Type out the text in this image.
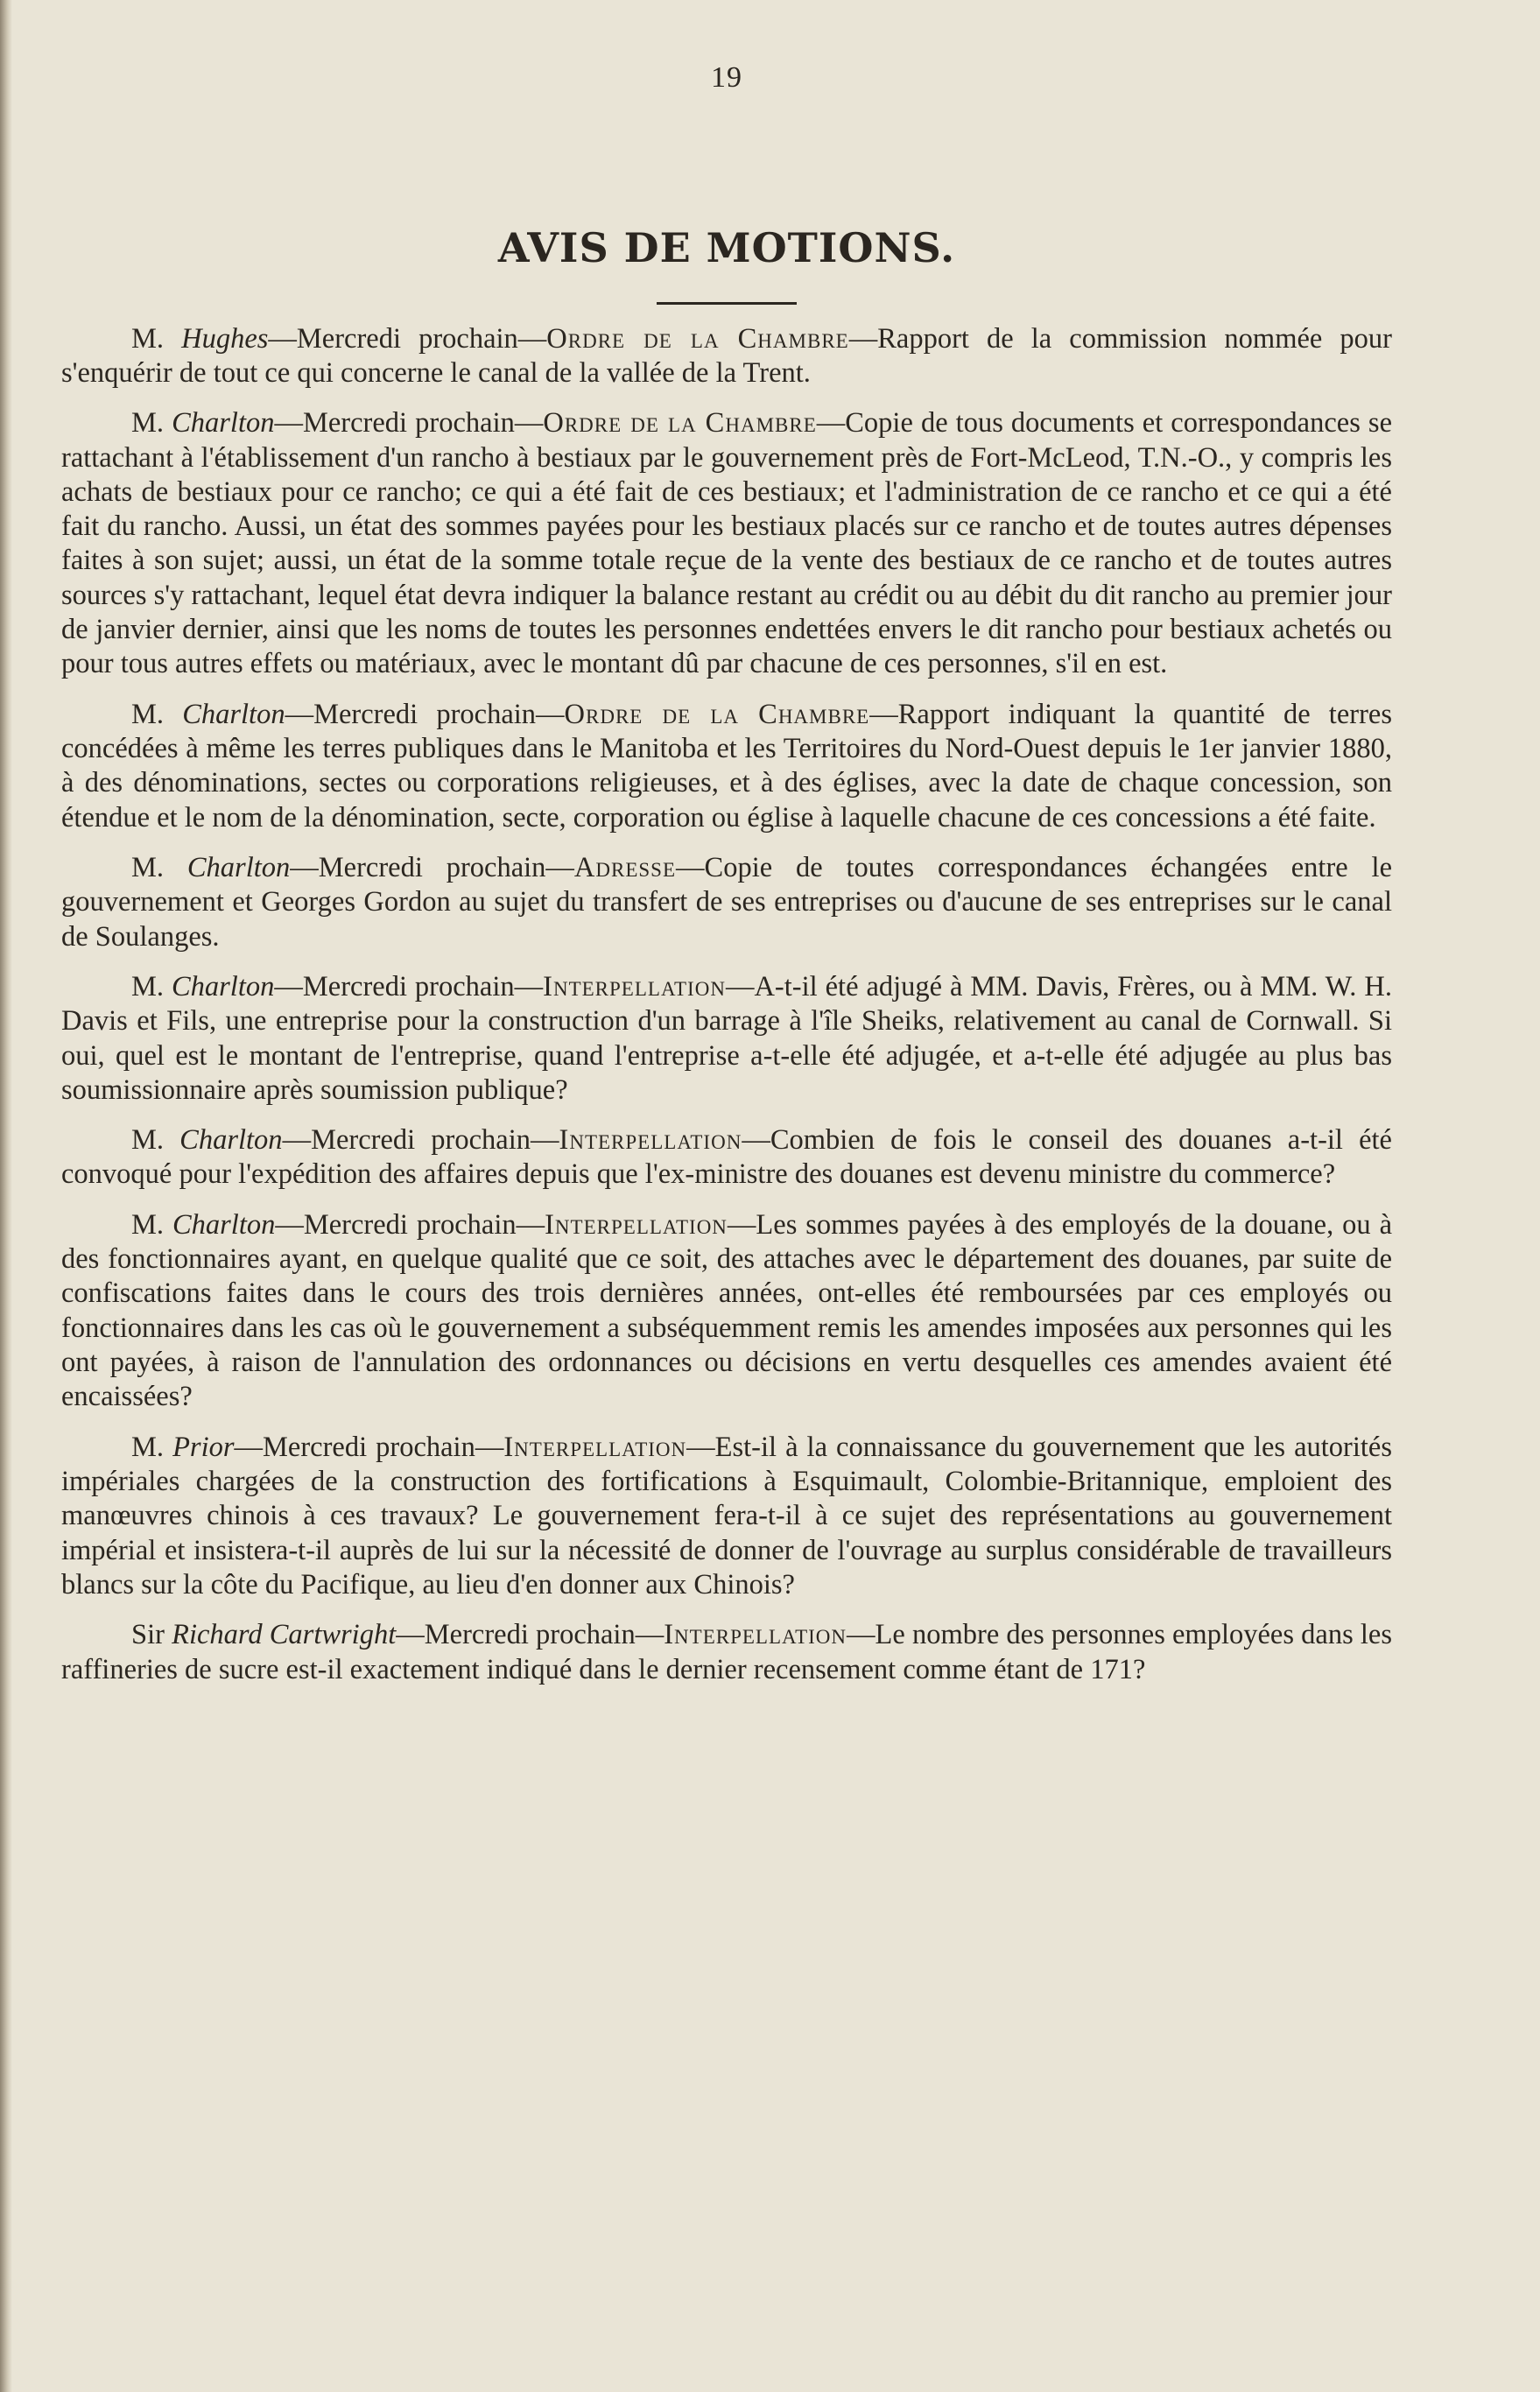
19
AVIS DE MOTIONS.

M. Hughes—Mercredi prochain—Ordre de la Chambre—Rapport de la commission nommée pour s'enquérir de tout ce qui concerne le canal de la vallée de la Trent.

M. Charlton—Mercredi prochain—Ordre de la Chambre—Copie de tous documents et correspondances se rattachant à l'établissement d'un rancho à bestiaux par le gouvernement près de Fort-McLeod, T.N.-O., y compris les achats de bestiaux pour ce rancho; ce qui a été fait de ces bestiaux; et l'administration de ce rancho et ce qui a été fait du rancho. Aussi, un état des sommes payées pour les bestiaux placés sur ce rancho et de toutes autres dépenses faites à son sujet; aussi, un état de la somme totale reçue de la vente des bestiaux de ce rancho et de toutes autres sources s'y rattachant, lequel état devra indiquer la balance restant au crédit ou au débit du dit rancho au premier jour de janvier dernier, ainsi que les noms de toutes les personnes endettées envers le dit rancho pour bestiaux achetés ou pour tous autres effets ou matériaux, avec le montant dû par chacune de ces personnes, s'il en est.

M. Charlton—Mercredi prochain—Ordre de la Chambre—Rapport indiquant la quantité de terres concédées à même les terres publiques dans le Manitoba et les Territoires du Nord-Ouest depuis le 1er janvier 1880, à des dénominations, sectes ou corporations religieuses, et à des églises, avec la date de chaque concession, son étendue et le nom de la dénomination, secte, corporation ou église à laquelle chacune de ces concessions a été faite.

M. Charlton—Mercredi prochain—Adresse—Copie de toutes correspondances échangées entre le gouvernement et Georges Gordon au sujet du transfert de ses entreprises ou d'aucune de ses entreprises sur le canal de Soulanges.

M. Charlton—Mercredi prochain—Interpellation—A-t-il été adjugé à MM. Davis, Frères, ou à MM. W. H. Davis et Fils, une entreprise pour la construction d'un barrage à l'île Sheiks, relativement au canal de Cornwall. Si oui, quel est le montant de l'entreprise, quand l'entreprise a-t-elle été adjugée, et a-t-elle été adjugée au plus bas soumissionnaire après soumission publique?

M. Charlton—Mercredi prochain—Interpellation—Combien de fois le conseil des douanes a-t-il été convoqué pour l'expédition des affaires depuis que l'ex-ministre des douanes est devenu ministre du commerce?

M. Charlton—Mercredi prochain—Interpellation—Les sommes payées à des employés de la douane, ou à des fonctionnaires ayant, en quelque qualité que ce soit, des attaches avec le département des douanes, par suite de confiscations faites dans le cours des trois dernières années, ont-elles été remboursées par ces employés ou fonctionnaires dans les cas où le gouvernement a subséquemment remis les amendes imposées aux personnes qui les ont payées, à raison de l'annulation des ordonnances ou décisions en vertu desquelles ces amendes avaient été encaissées?

M. Prior—Mercredi prochain—Interpellation—Est-il à la connaissance du gouvernement que les autorités impériales chargées de la construction des fortifications à Esquimault, Colombie-Britannique, emploient des manœuvres chinois à ces travaux? Le gouvernement fera-t-il à ce sujet des représentations au gouvernement impérial et insistera-t-il auprès de lui sur la nécessité de donner de l'ouvrage au surplus considérable de travailleurs blancs sur la côte du Pacifique, au lieu d'en donner aux Chinois?

Sir Richard Cartwright—Mercredi prochain—Interpellation—Le nombre des personnes employées dans les raffineries de sucre est-il exactement indiqué dans le dernier recensement comme étant de 171?
